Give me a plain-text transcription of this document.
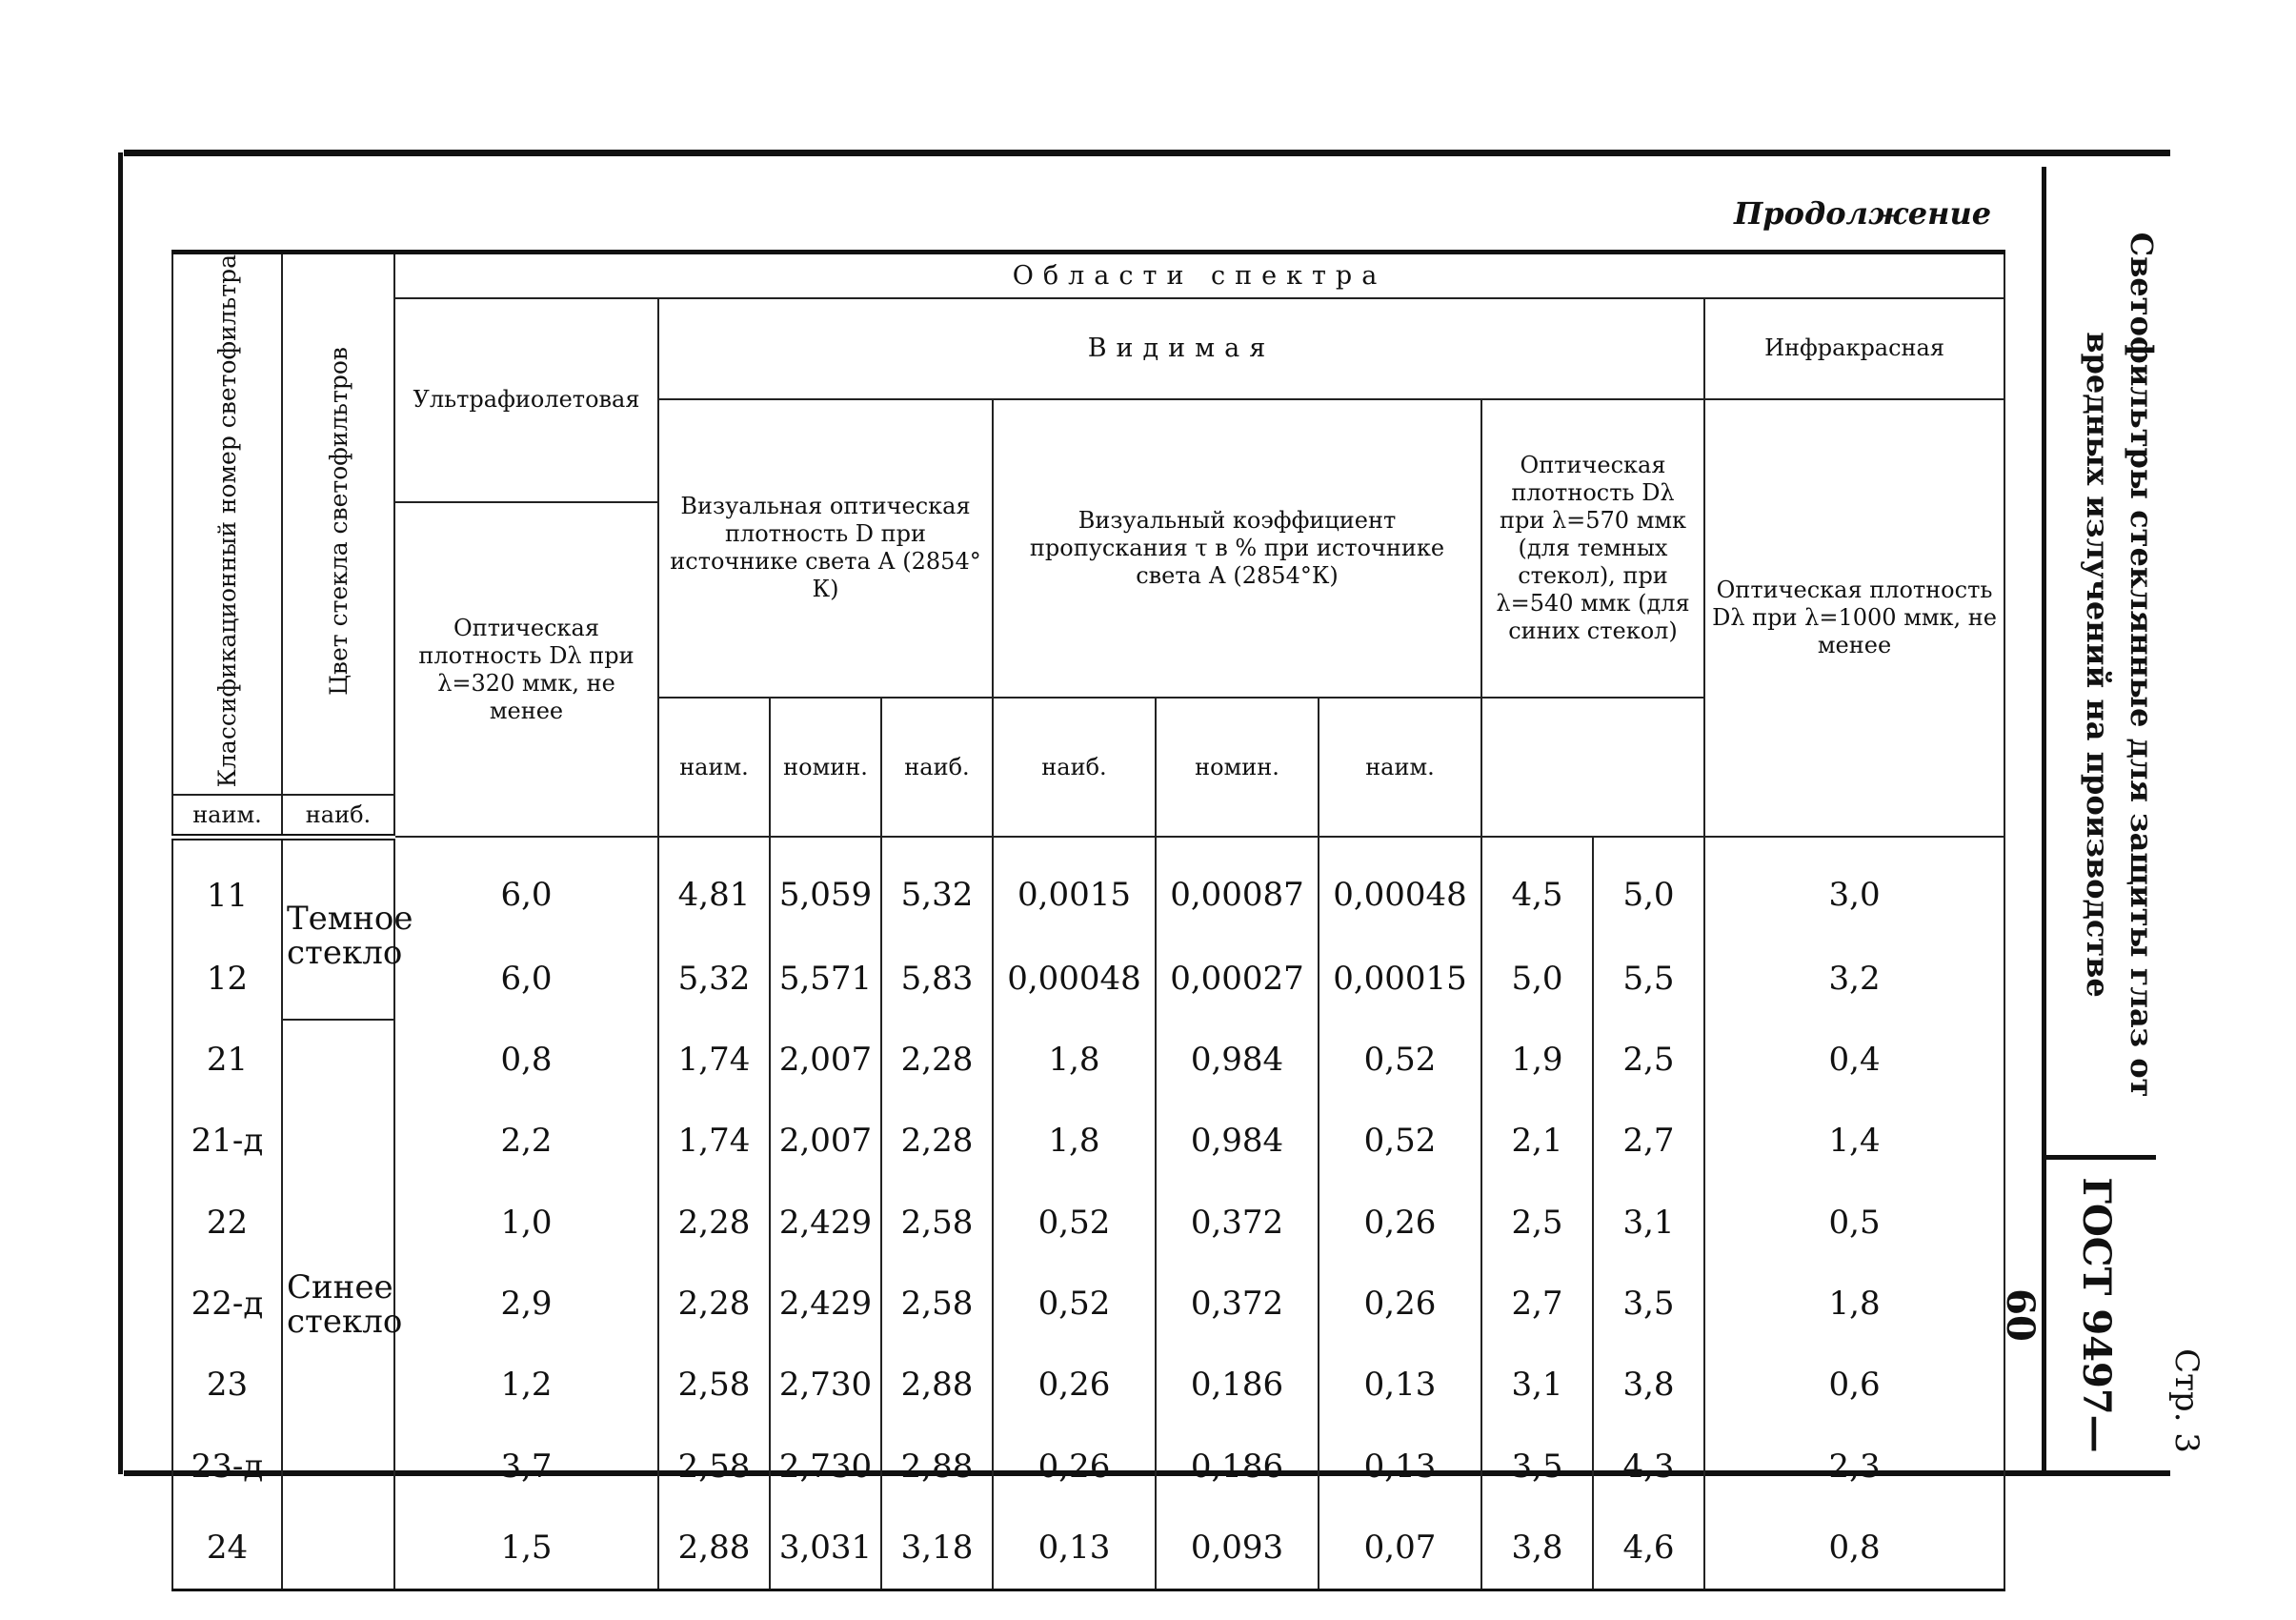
Продолжение
Светофильтры стеклянные для защиты глаз от вредных излучений на производстве
ГОСТ 9497—60
Стр. 3
Классификационный номер светофильтра	Цвет стекла светофильтров	Области спектра									
		Ультрафиолетовая	Видимая								Инфракрасная
			Визуальная оптическая плотность D при источнике света А (2854° К)			Визуальный коэффициент пропускания τ в % при источнике света А (2854°К)			Оптическая плотность Dλ при λ=570 ммк (для темных стекол), при λ=540 ммк (для синих стекол)		Оптическая плотность Dλ при λ=1000 ммк, не менее
		Оптическая плотность Dλ при λ=320 ммк, не менее									
			наим.	номин.	наиб.	наиб.	номин.	наим.			
наим.	наиб.										
11	Темное стекло	6,0	4,81	5,059	5,32	0,0015	0,00087	0,00048	4,5	5,0	3,0
12		6,0	5,32	5,571	5,83	0,00048	0,00027	0,00015	5,0	5,5	3,2
21	Синее стекло	0,8	1,74	2,007	2,28	1,8	0,984	0,52	1,9	2,5	0,4
21-д		2,2	1,74	2,007	2,28	1,8	0,984	0,52	2,1	2,7	1,4
22		1,0	2,28	2,429	2,58	0,52	0,372	0,26	2,5	3,1	0,5
22-д		2,9	2,28	2,429	2,58	0,52	0,372	0,26	2,7	3,5	1,8
23		1,2	2,58	2,730	2,88	0,26	0,186	0,13	3,1	3,8	0,6
23-д		3,7	2,58	2,730	2,88	0,26	0,186	0,13	3,5	4,3	2,3
24		1,5	2,88	3,031	3,18	0,13	0,093	0,07	3,8	4,6	0,8
